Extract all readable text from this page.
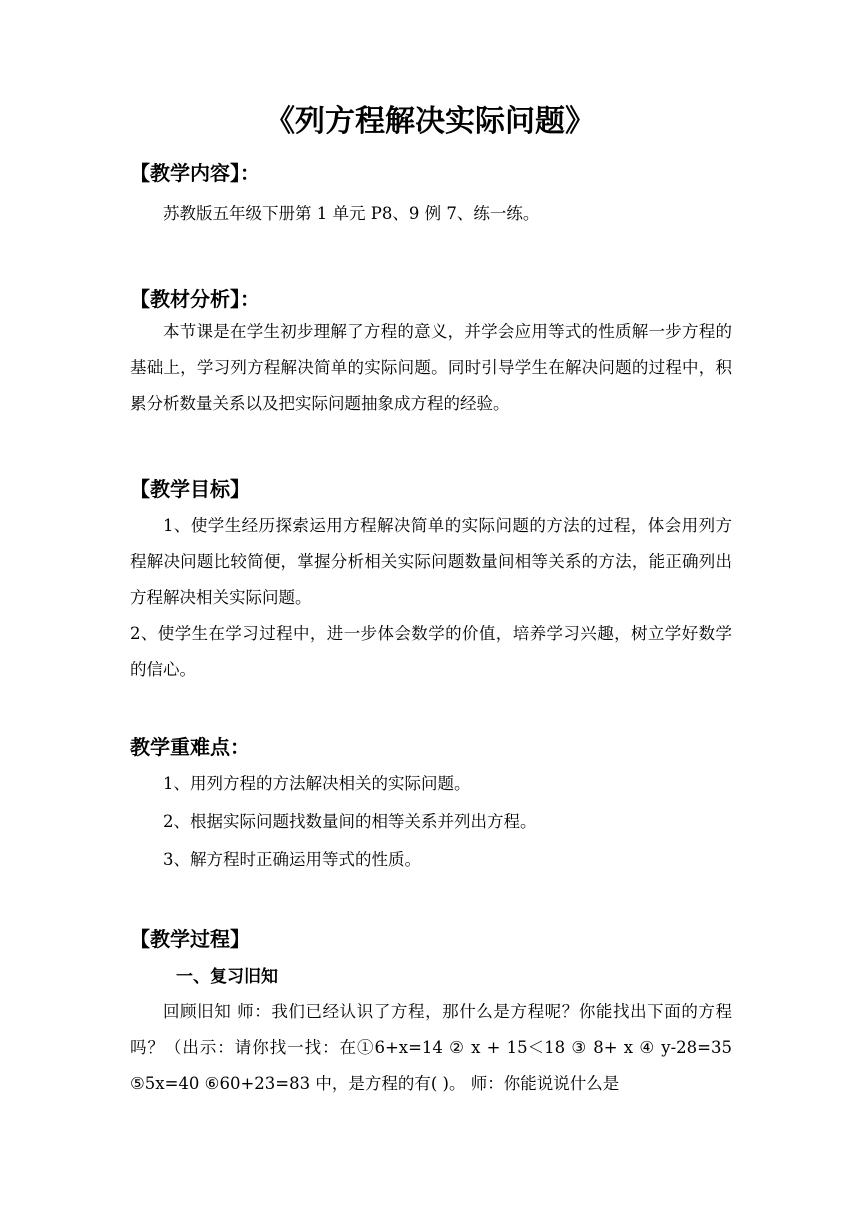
《列方程解决实际问题》
【教学内容】：

苏教版五年级下册第 1 单元 P8、9 例 7、练一练。

【教材分析】：

本节课是在学生初步理解了方程的意义，并学会应用等式的性质解一步方程的基础上，学习列方程解决简单的实际问题。同时引导学生在解决问题的过程中，积累分析数量关系以及把实际问题抽象成方程的经验。

【教学目标】

1、使学生经历探索运用方程解决简单的实际问题的方法的过程，体会用列方程解决问题比较简便，掌握分析相关实际问题数量间相等关系的方法，能正确列出方程解决相关实际问题。

2、使学生在学习过程中，进一步体会数学的价值，培养学习兴趣，树立学好数学的信心。

教学重难点：

1、用列方程的方法解决相关的实际问题。

2、根据实际问题找数量间的相等关系并列出方程。

3、解方程时正确运用等式的性质。

【教学过程】
一、复习旧知

回顾旧知 师：我们已经认识了方程，那什么是方程呢？你能找出下面的方程吗？（出示：请你找一找：在①6+x=14 ② x + 15＜18 ③ 8+ x ④ y-28=35 ⑤5x=40 ⑥60+23=83 中，是方程的有( )。 师：你能说说什么是
